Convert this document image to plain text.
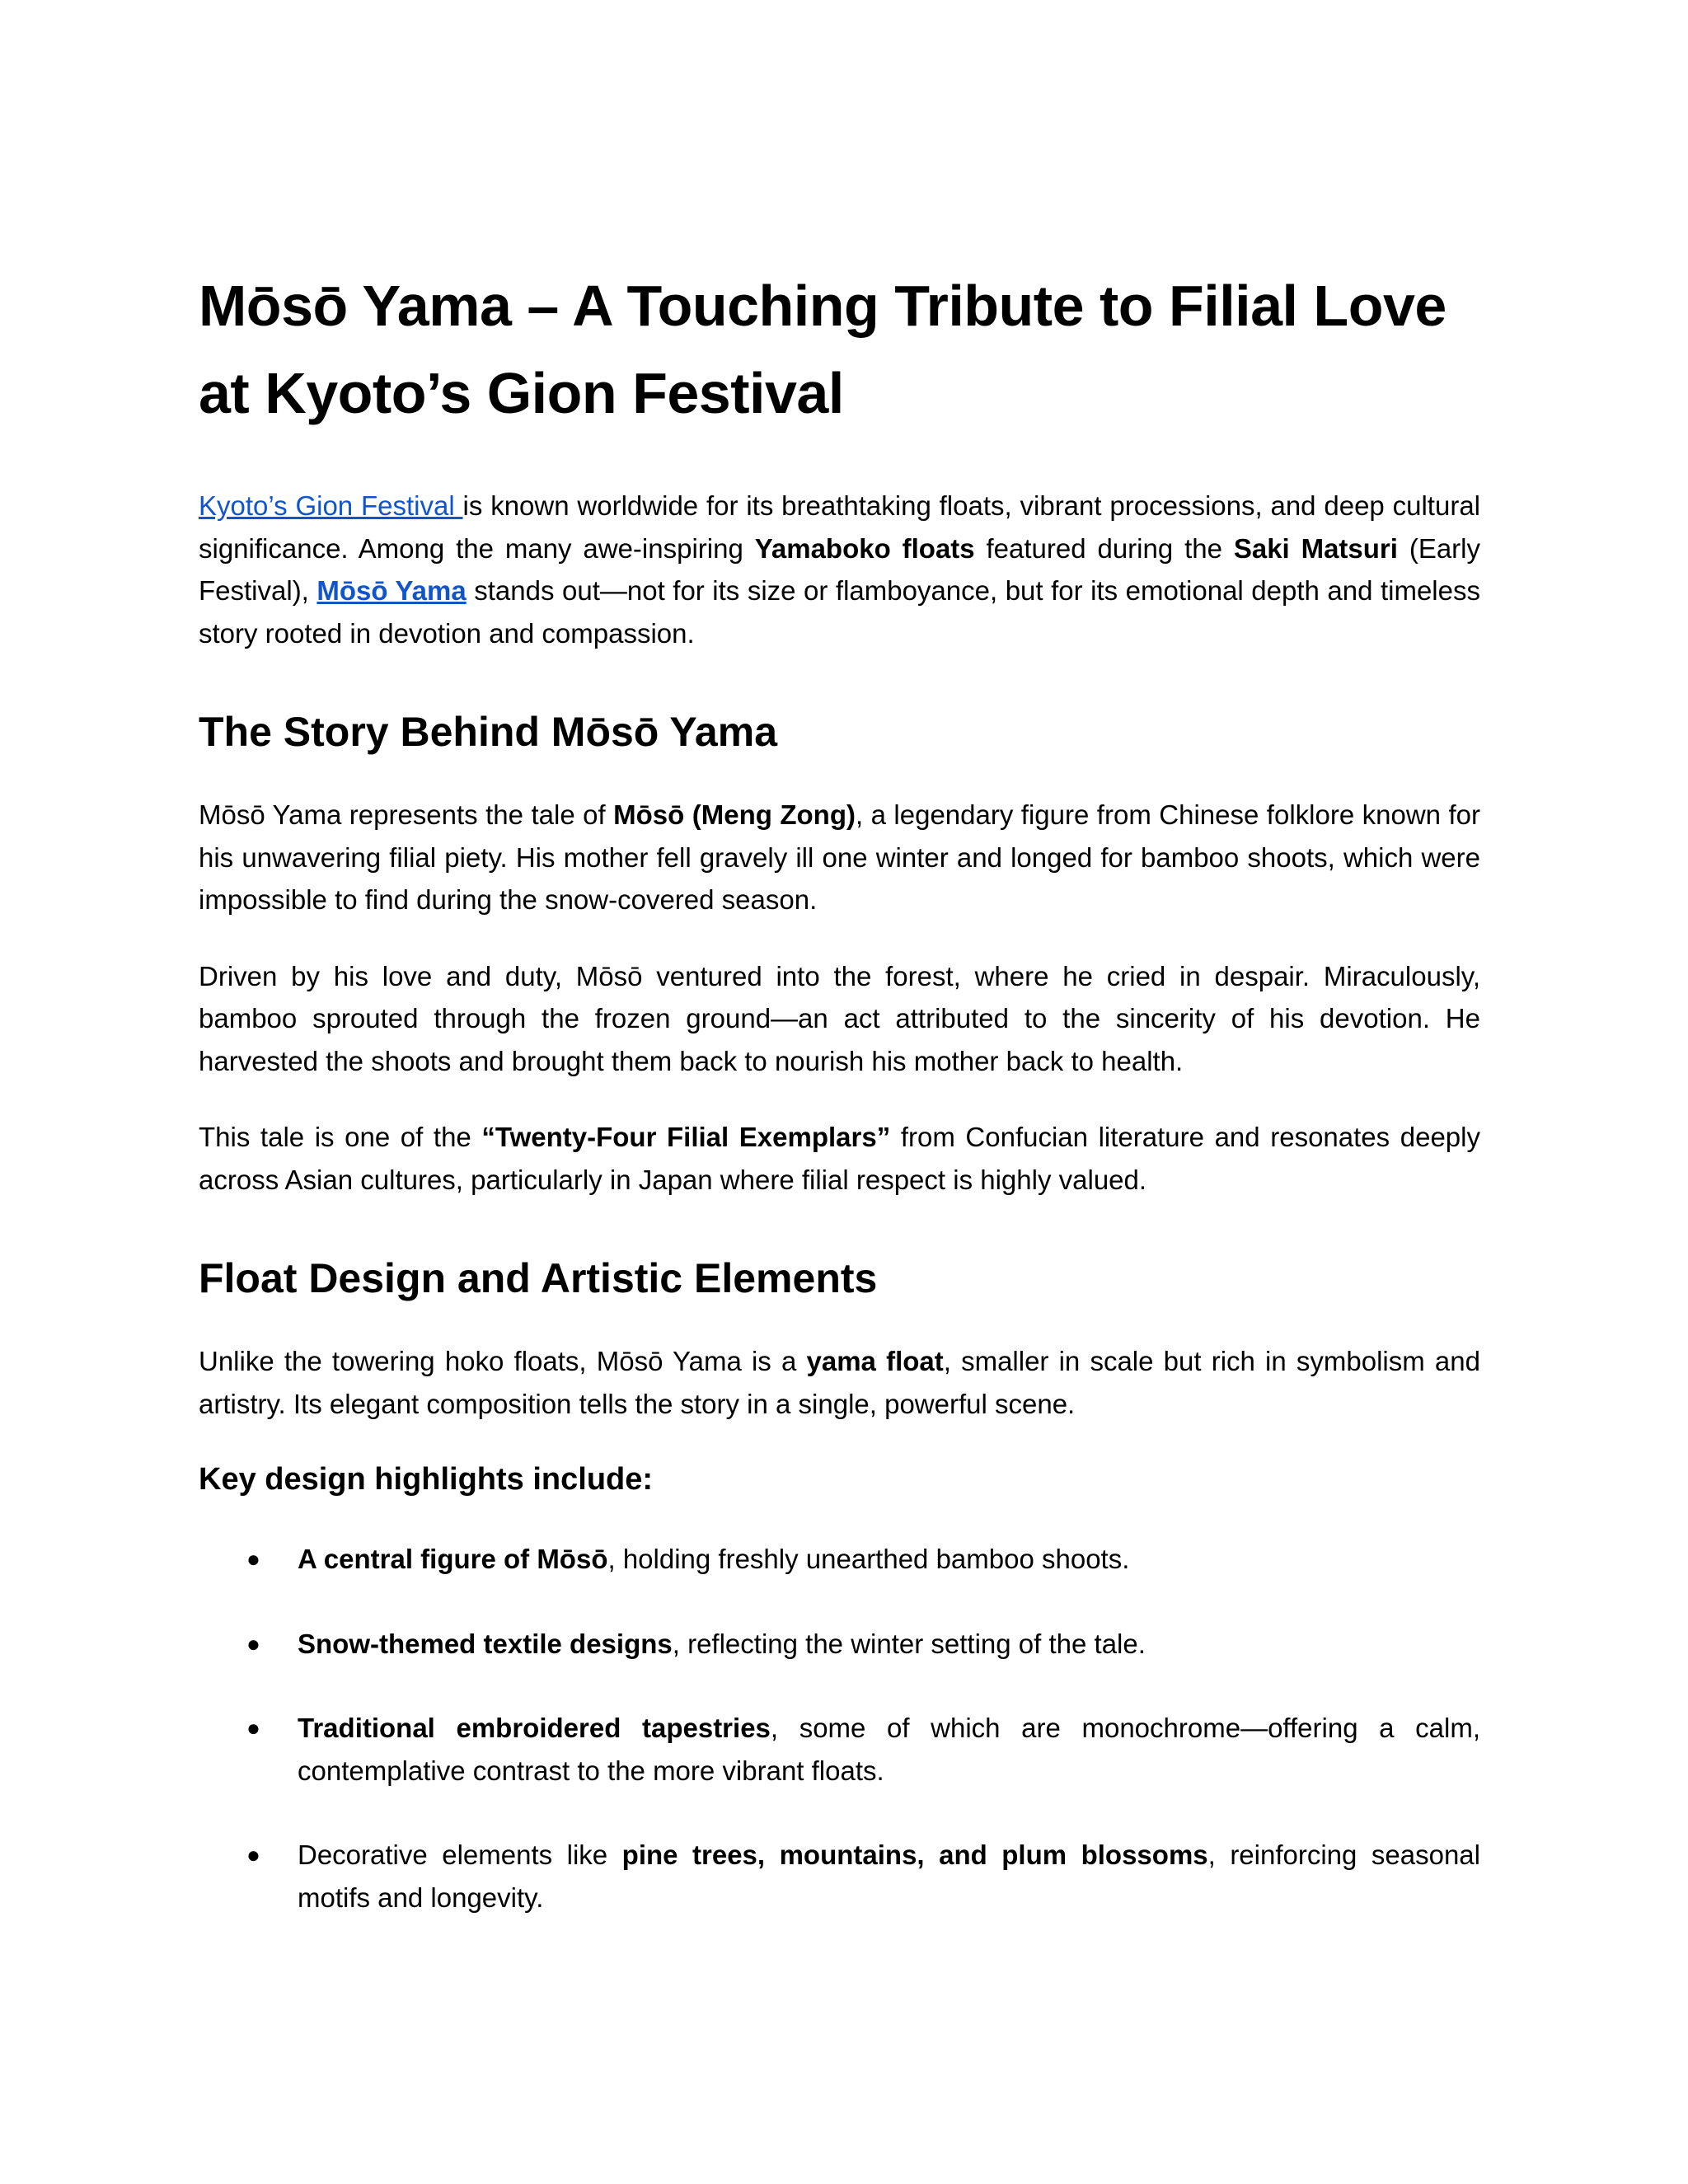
Mōsō Yama – A Touching Tribute to Filial Love at Kyoto’s Gion Festival

Kyoto’s Gion Festival is known worldwide for its breathtaking floats, vibrant processions, and deep cultural significance. Among the many awe-inspiring Yamaboko floats featured during the Saki Matsuri (Early Festival), Mōsō Yama stands out—not for its size or flamboyance, but for its emotional depth and timeless story rooted in devotion and compassion.

The Story Behind Mōsō Yama

Mōsō Yama represents the tale of Mōsō (Meng Zong), a legendary figure from Chinese folklore known for his unwavering filial piety. His mother fell gravely ill one winter and longed for bamboo shoots, which were impossible to find during the snow-covered season.

Driven by his love and duty, Mōsō ventured into the forest, where he cried in despair. Miraculously, bamboo sprouted through the frozen ground—an act attributed to the sincerity of his devotion. He harvested the shoots and brought them back to nourish his mother back to health.

This tale is one of the “Twenty-Four Filial Exemplars” from Confucian literature and resonates deeply across Asian cultures, particularly in Japan where filial respect is highly valued.

Float Design and Artistic Elements

Unlike the towering hoko floats, Mōsō Yama is a yama float, smaller in scale but rich in symbolism and artistry. Its elegant composition tells the story in a single, powerful scene.

Key design highlights include:
● A central figure of Mōsō, holding freshly unearthed bamboo shoots.
● Snow-themed textile designs, reflecting the winter setting of the tale.
● Traditional embroidered tapestries, some of which are monochrome—offering a calm, contemplative contrast to the more vibrant floats.
● Decorative elements like pine trees, mountains, and plum blossoms, reinforcing seasonal motifs and longevity.
